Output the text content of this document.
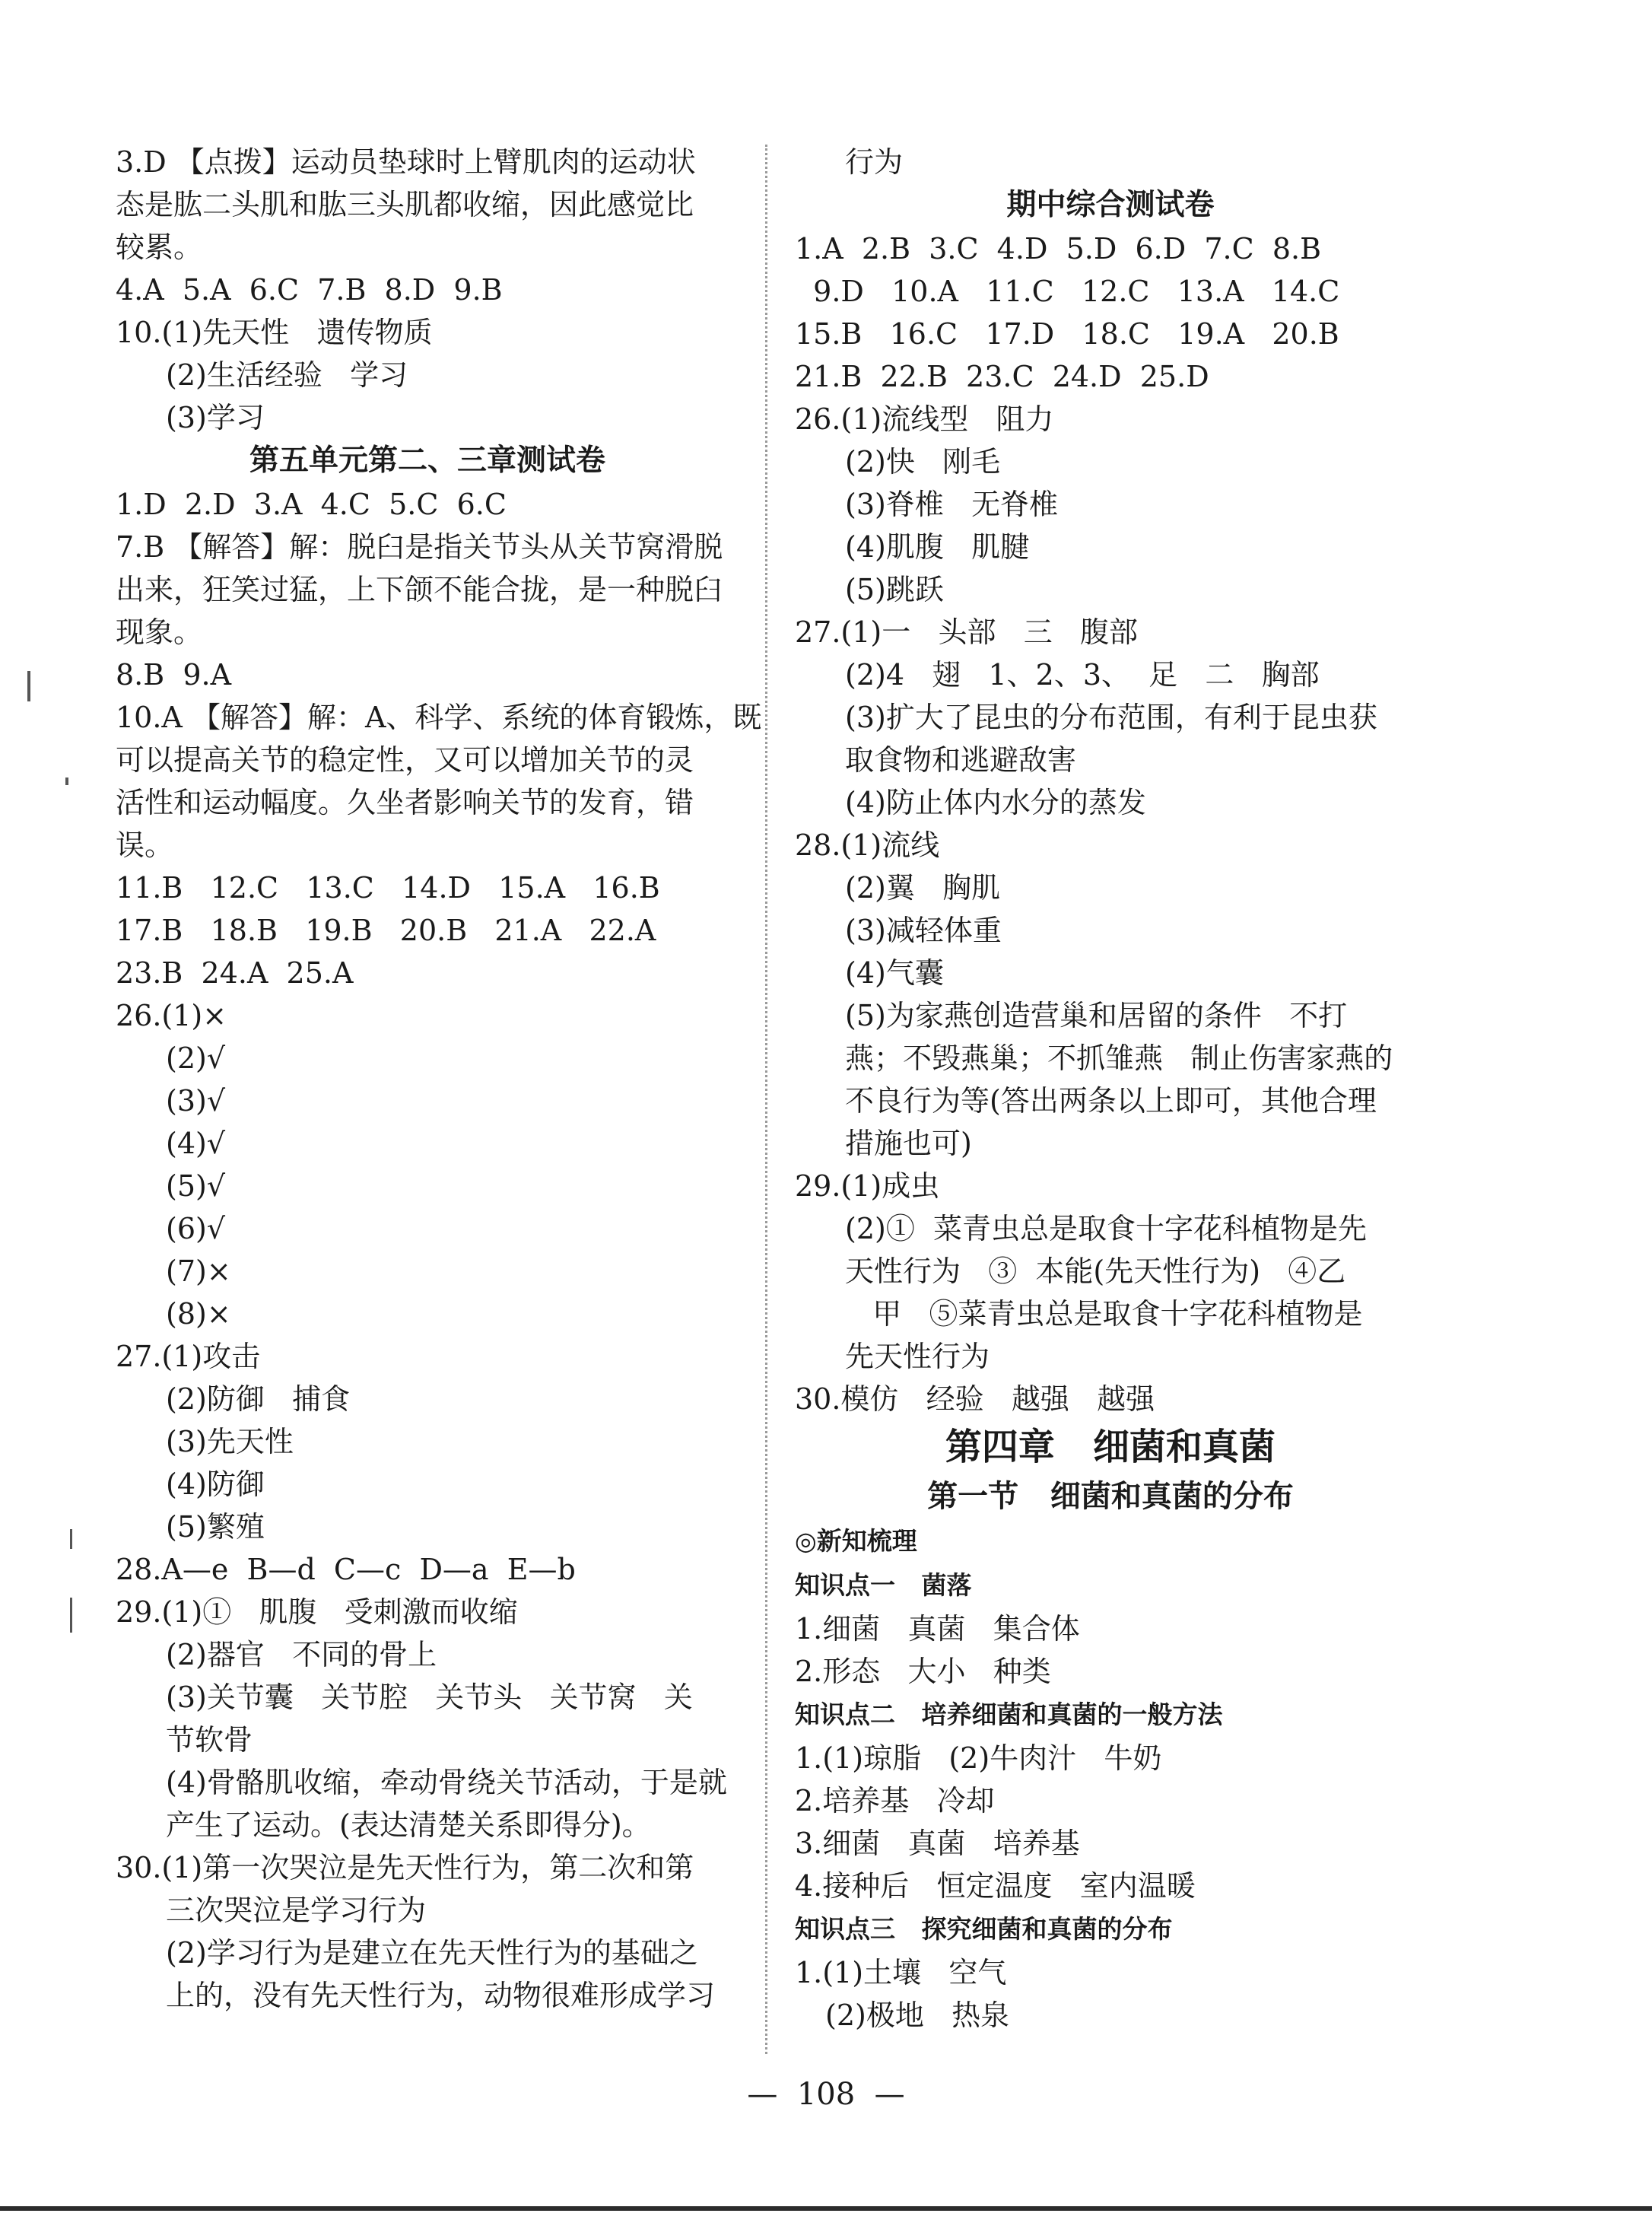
3.D 【点拨】运动员垫球时上臂肌肉的运动状
态是肱二头肌和肱三头肌都收缩，因此感觉比
较累。
4.A  5.A  6.C  7.B  8.D  9.B
10.(1)先天性   遗传物质
(2)生活经验   学习
(3)学习
第五单元第二、三章测试卷
1.D  2.D  3.A  4.C  5.C  6.C
7.B 【解答】解：脱臼是指关节头从关节窝滑脱
出来，狂笑过猛，上下颌不能合拢，是一种脱臼
现象。
8.B  9.A
10.A 【解答】解：A、科学、系统的体育锻炼，既
可以提高关节的稳定性，又可以增加关节的灵
活性和运动幅度。久坐者影响关节的发育，错
误。
11.B   12.C   13.C   14.D   15.A   16.B
17.B   18.B   19.B   20.B   21.A   22.A
23.B  24.A  25.A
26.(1)×
(2)√
(3)√
(4)√
(5)√
(6)√
(7)×
(8)×
27.(1)攻击
(2)防御   捕食
(3)先天性
(4)防御
(5)繁殖
28.A—e  B—d  C—c  D—a  E—b
29.(1)①   肌腹   受刺激而收缩
(2)器官   不同的骨上
(3)关节囊   关节腔   关节头   关节窝   关
节软骨
(4)骨骼肌收缩，牵动骨绕关节活动，于是就
产生了运动。(表达清楚关系即得分)。
30.(1)第一次哭泣是先天性行为，第二次和第
三次哭泣是学习行为
(2)学习行为是建立在先天性行为的基础之
上的，没有先天性行为，动物很难形成学习
行为
期中综合测试卷
1.A  2.B  3.C  4.D  5.D  6.D  7.C  8.B
9.D   10.A   11.C   12.C   13.A   14.C
15.B   16.C   17.D   18.C   19.A   20.B
21.B  22.B  23.C  24.D  25.D
26.(1)流线型   阻力
(2)快   刚毛
(3)脊椎   无脊椎
(4)肌腹   肌腱
(5)跳跃
27.(1)一   头部   三   腹部
(2)4   翅   1、2、3、  足   二   胸部
(3)扩大了昆虫的分布范围，有利于昆虫获
取食物和逃避敌害
(4)防止体内水分的蒸发
28.(1)流线
(2)翼   胸肌
(3)减轻体重
(4)气囊
(5)为家燕创造营巢和居留的条件   不打
燕；不毁燕巢；不抓雏燕   制止伤害家燕的
不良行为等(答出两条以上即可，其他合理
措施也可)
29.(1)成虫
(2)①  菜青虫总是取食十字花科植物是先
天性行为   ③  本能(先天性行为)   ④乙
甲   ⑤菜青虫总是取食十字花科植物是
先天性行为
30.模仿   经验   越强   越强
第四章   细菌和真菌
第一节   细菌和真菌的分布
◎新知梳理
知识点一   菌落
1.细菌   真菌   集合体
2.形态   大小   种类
知识点二   培养细菌和真菌的一般方法
1.(1)琼脂   (2)牛肉汁   牛奶
2.培养基   冷却
3.细菌   真菌   培养基
4.接种后   恒定温度   室内温暖
知识点三   探究细菌和真菌的分布
1.(1)土壤   空气
(2)极地   热泉
—  108  —
